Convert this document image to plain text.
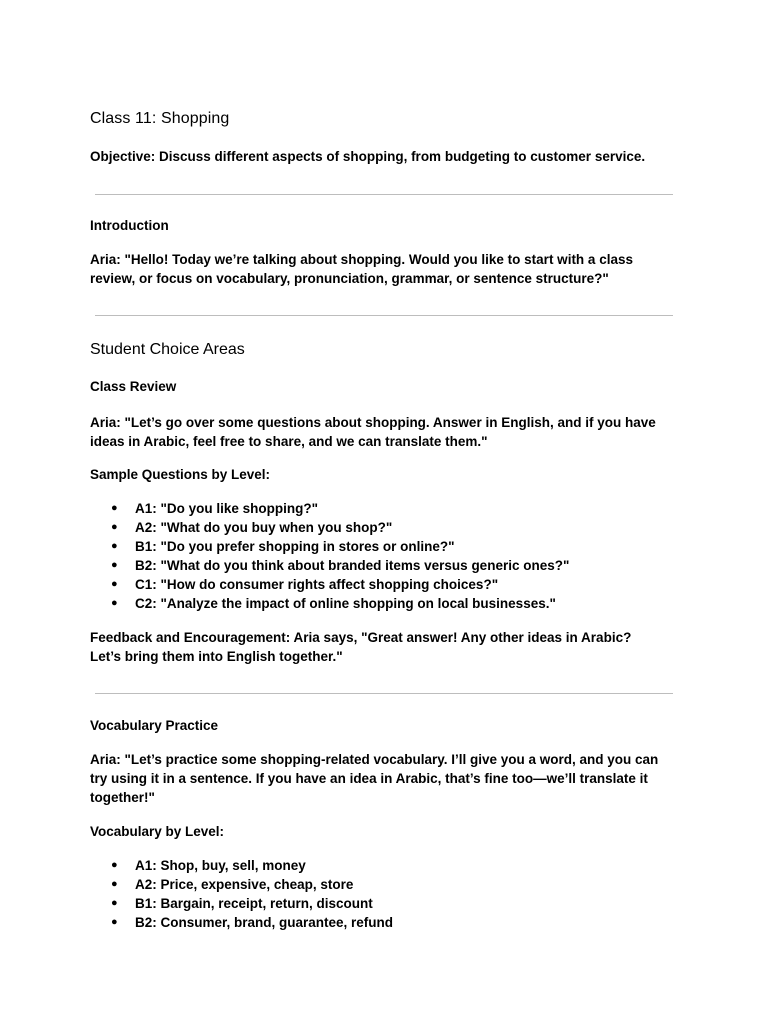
Class 11: Shopping

Objective: Discuss different aspects of shopping, from budgeting to customer service.

Introduction

Aria: "Hello! Today we’re talking about shopping. Would you like to start with a class

review, or focus on vocabulary, pronunciation, grammar, or sentence structure?"

Student Choice Areas

Class Review

Aria: "Let’s go over some questions about shopping. Answer in English, and if you have

ideas in Arabic, feel free to share, and we can translate them."

Sample Questions by Level:

● A1: "Do you like shopping?"
● A2: "What do you buy when you shop?"
● B1: "Do you prefer shopping in stores or online?"
● B2: "What do you think about branded items versus generic ones?"
● C1: "How do consumer rights affect shopping choices?"
● C2: "Analyze the impact of online shopping on local businesses."

Feedback and Encouragement: Aria says, "Great answer! Any other ideas in Arabic?

Let’s bring them into English together."

Vocabulary Practice

Aria: "Let’s practice some shopping-related vocabulary. I’ll give you a word, and you can

try using it in a sentence. If you have an idea in Arabic, that’s fine too—we’ll translate it

together!"

Vocabulary by Level:

● A1: Shop, buy, sell, money
● A2: Price, expensive, cheap, store
● B1: Bargain, receipt, return, discount
● B2: Consumer, brand, guarantee, refund
